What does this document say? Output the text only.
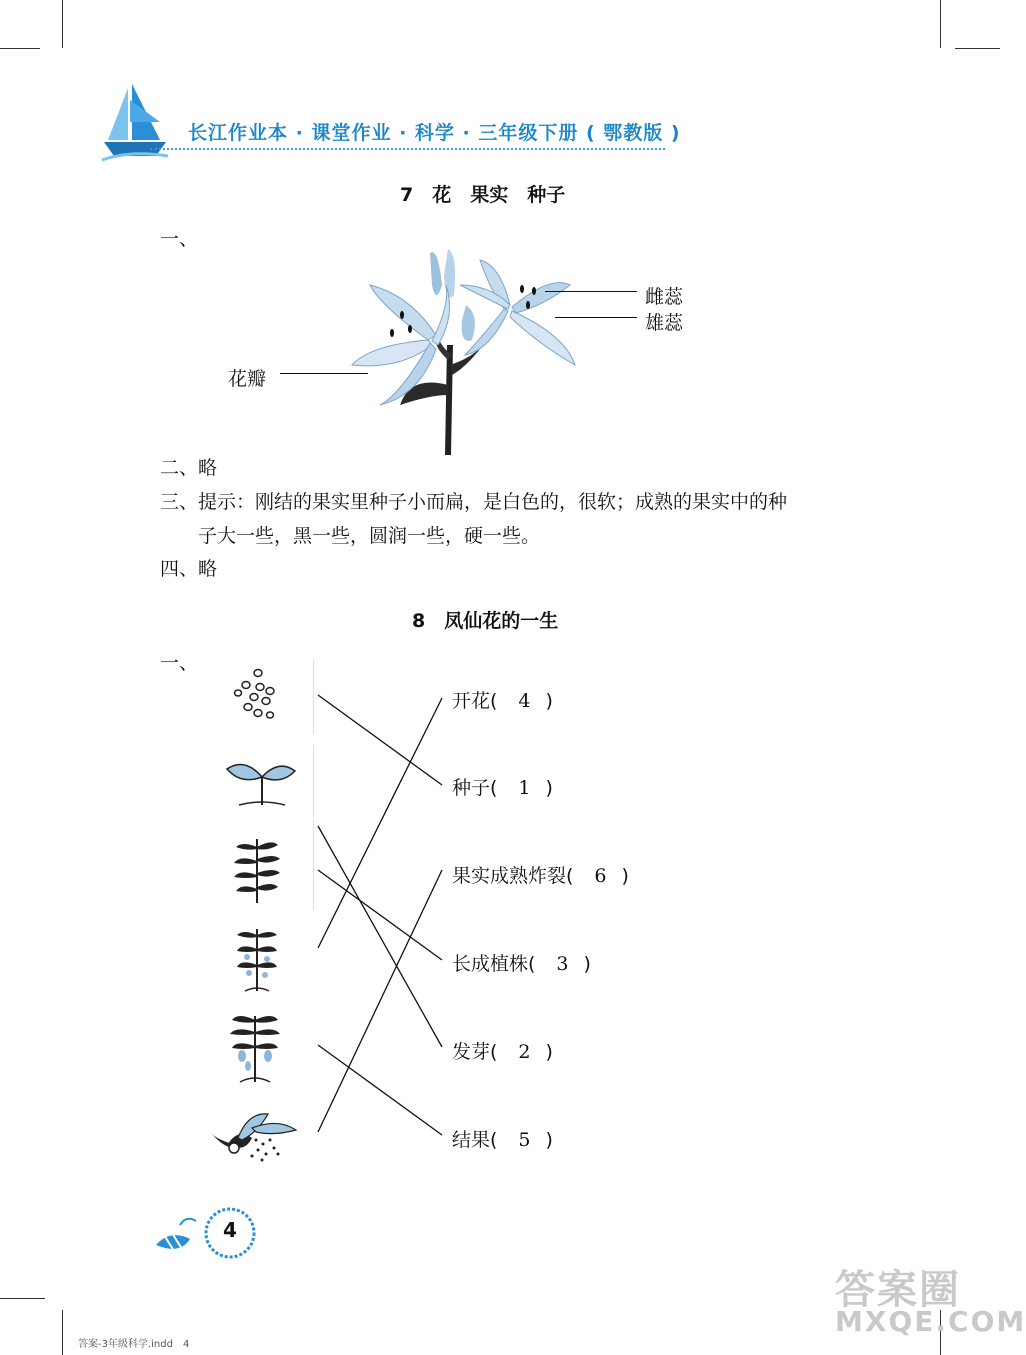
长江作业本 · 课堂作业 · 科学 · 三年级下册 ( 鄂教版 )
7　花　果实　种子
一、
雌蕊
雄蕊
花瓣
二、略
三、提示：刚结的果实里种子小而扁，是白色的，很软；成熟的果实中的种
子大一些，黑一些，圆润一些，硬一些。
四、略
8　凤仙花的一生
一、
开花( 4 )
种子( 1 )
果实成熟炸裂( 6 )
长成植株( 3 )
发芽( 2 )
结果( 5 )
4
答案-3年级科学.indd　4
答案圈
MXQE.COM
